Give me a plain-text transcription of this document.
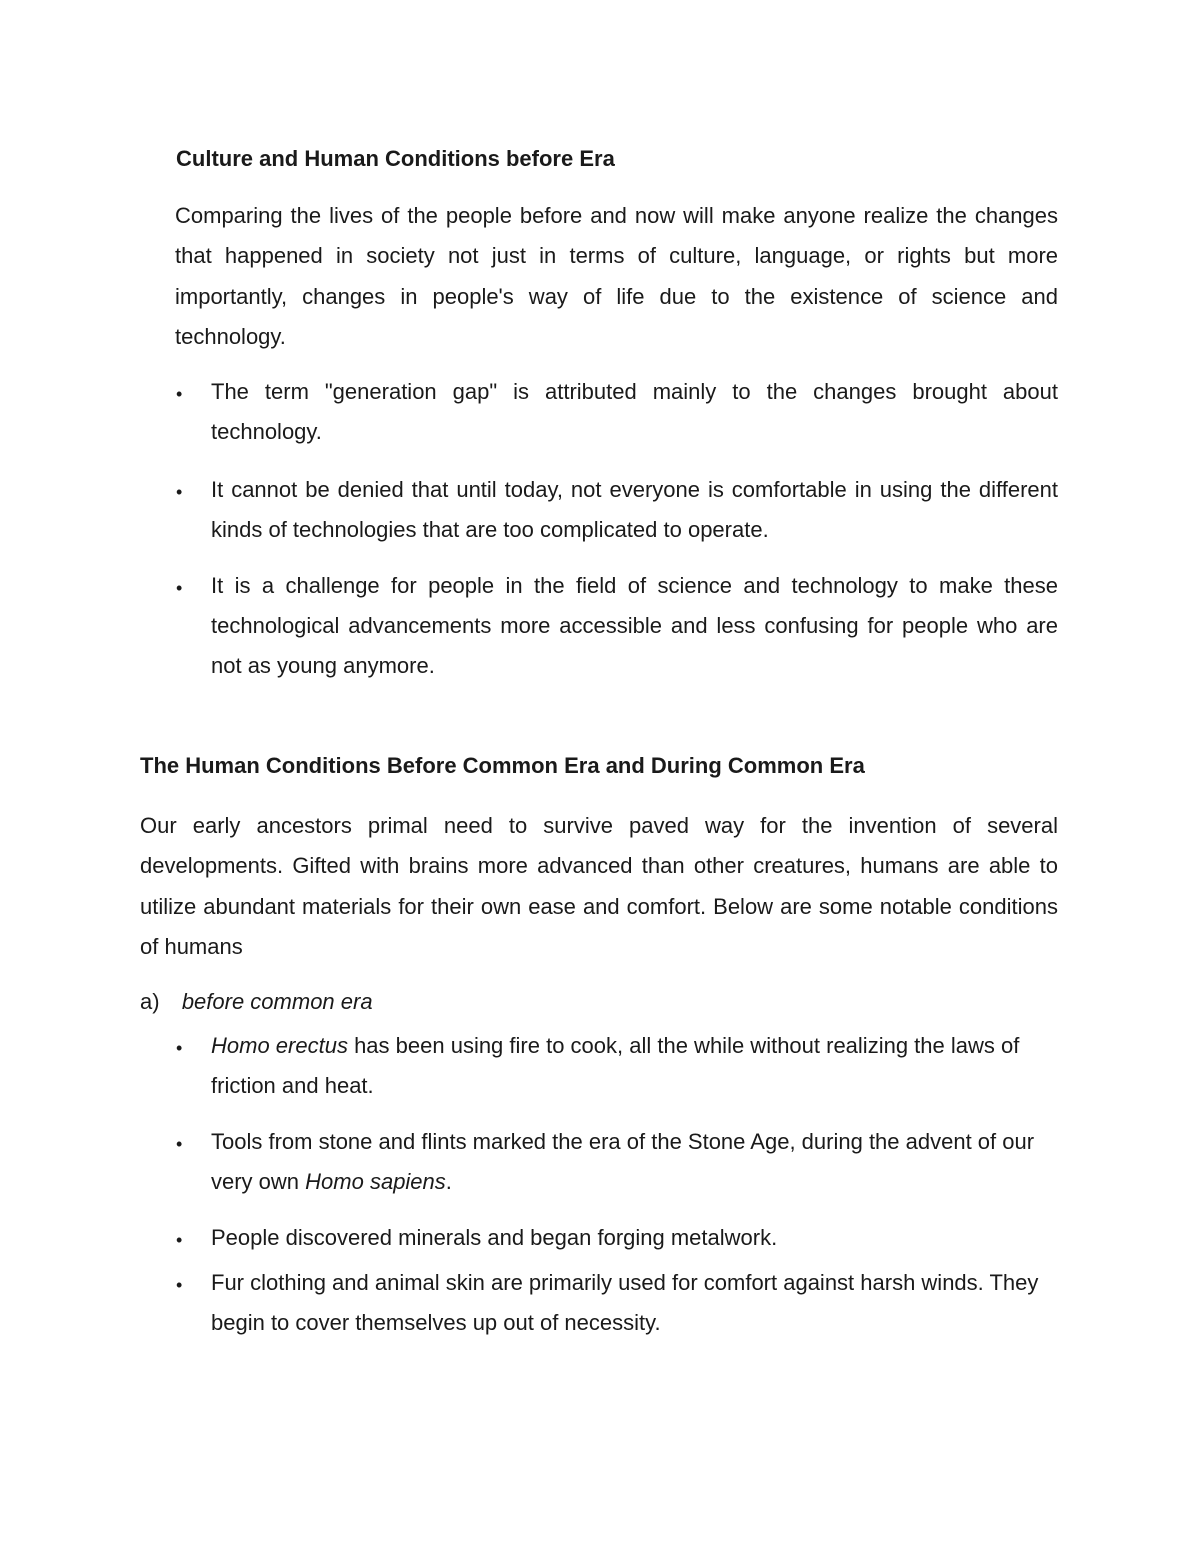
Culture and Human Conditions before Era
Comparing the lives of the people before and now will make anyone realize the changes that happened in society not just in terms of culture, language, or rights but more importantly, changes in people's way of life due to the existence of science and technology.
• The term "generation gap" is attributed mainly to the changes brought about technology.
• It cannot be denied that until today, not everyone is comfortable in using the different kinds of technologies that are too complicated to operate.
• It is a challenge for people in the field of science and technology to make these technological advancements more accessible and less confusing for people who are not as young anymore.
The Human Conditions Before Common Era and During Common Era
Our early ancestors primal need to survive paved way for the invention of several developments. Gifted with brains more advanced than other creatures, humans are able to utilize abundant materials for their own ease and comfort. Below are some notable conditions of humans
a) before common era
• Homo erectus has been using fire to cook, all the while without realizing the laws of friction and heat.
• Tools from stone and flints marked the era of the Stone Age, during the advent of our very own Homo sapiens.
• People discovered minerals and began forging metalwork.
• Fur clothing and animal skin are primarily used for comfort against harsh winds. They begin to cover themselves up out of necessity.
